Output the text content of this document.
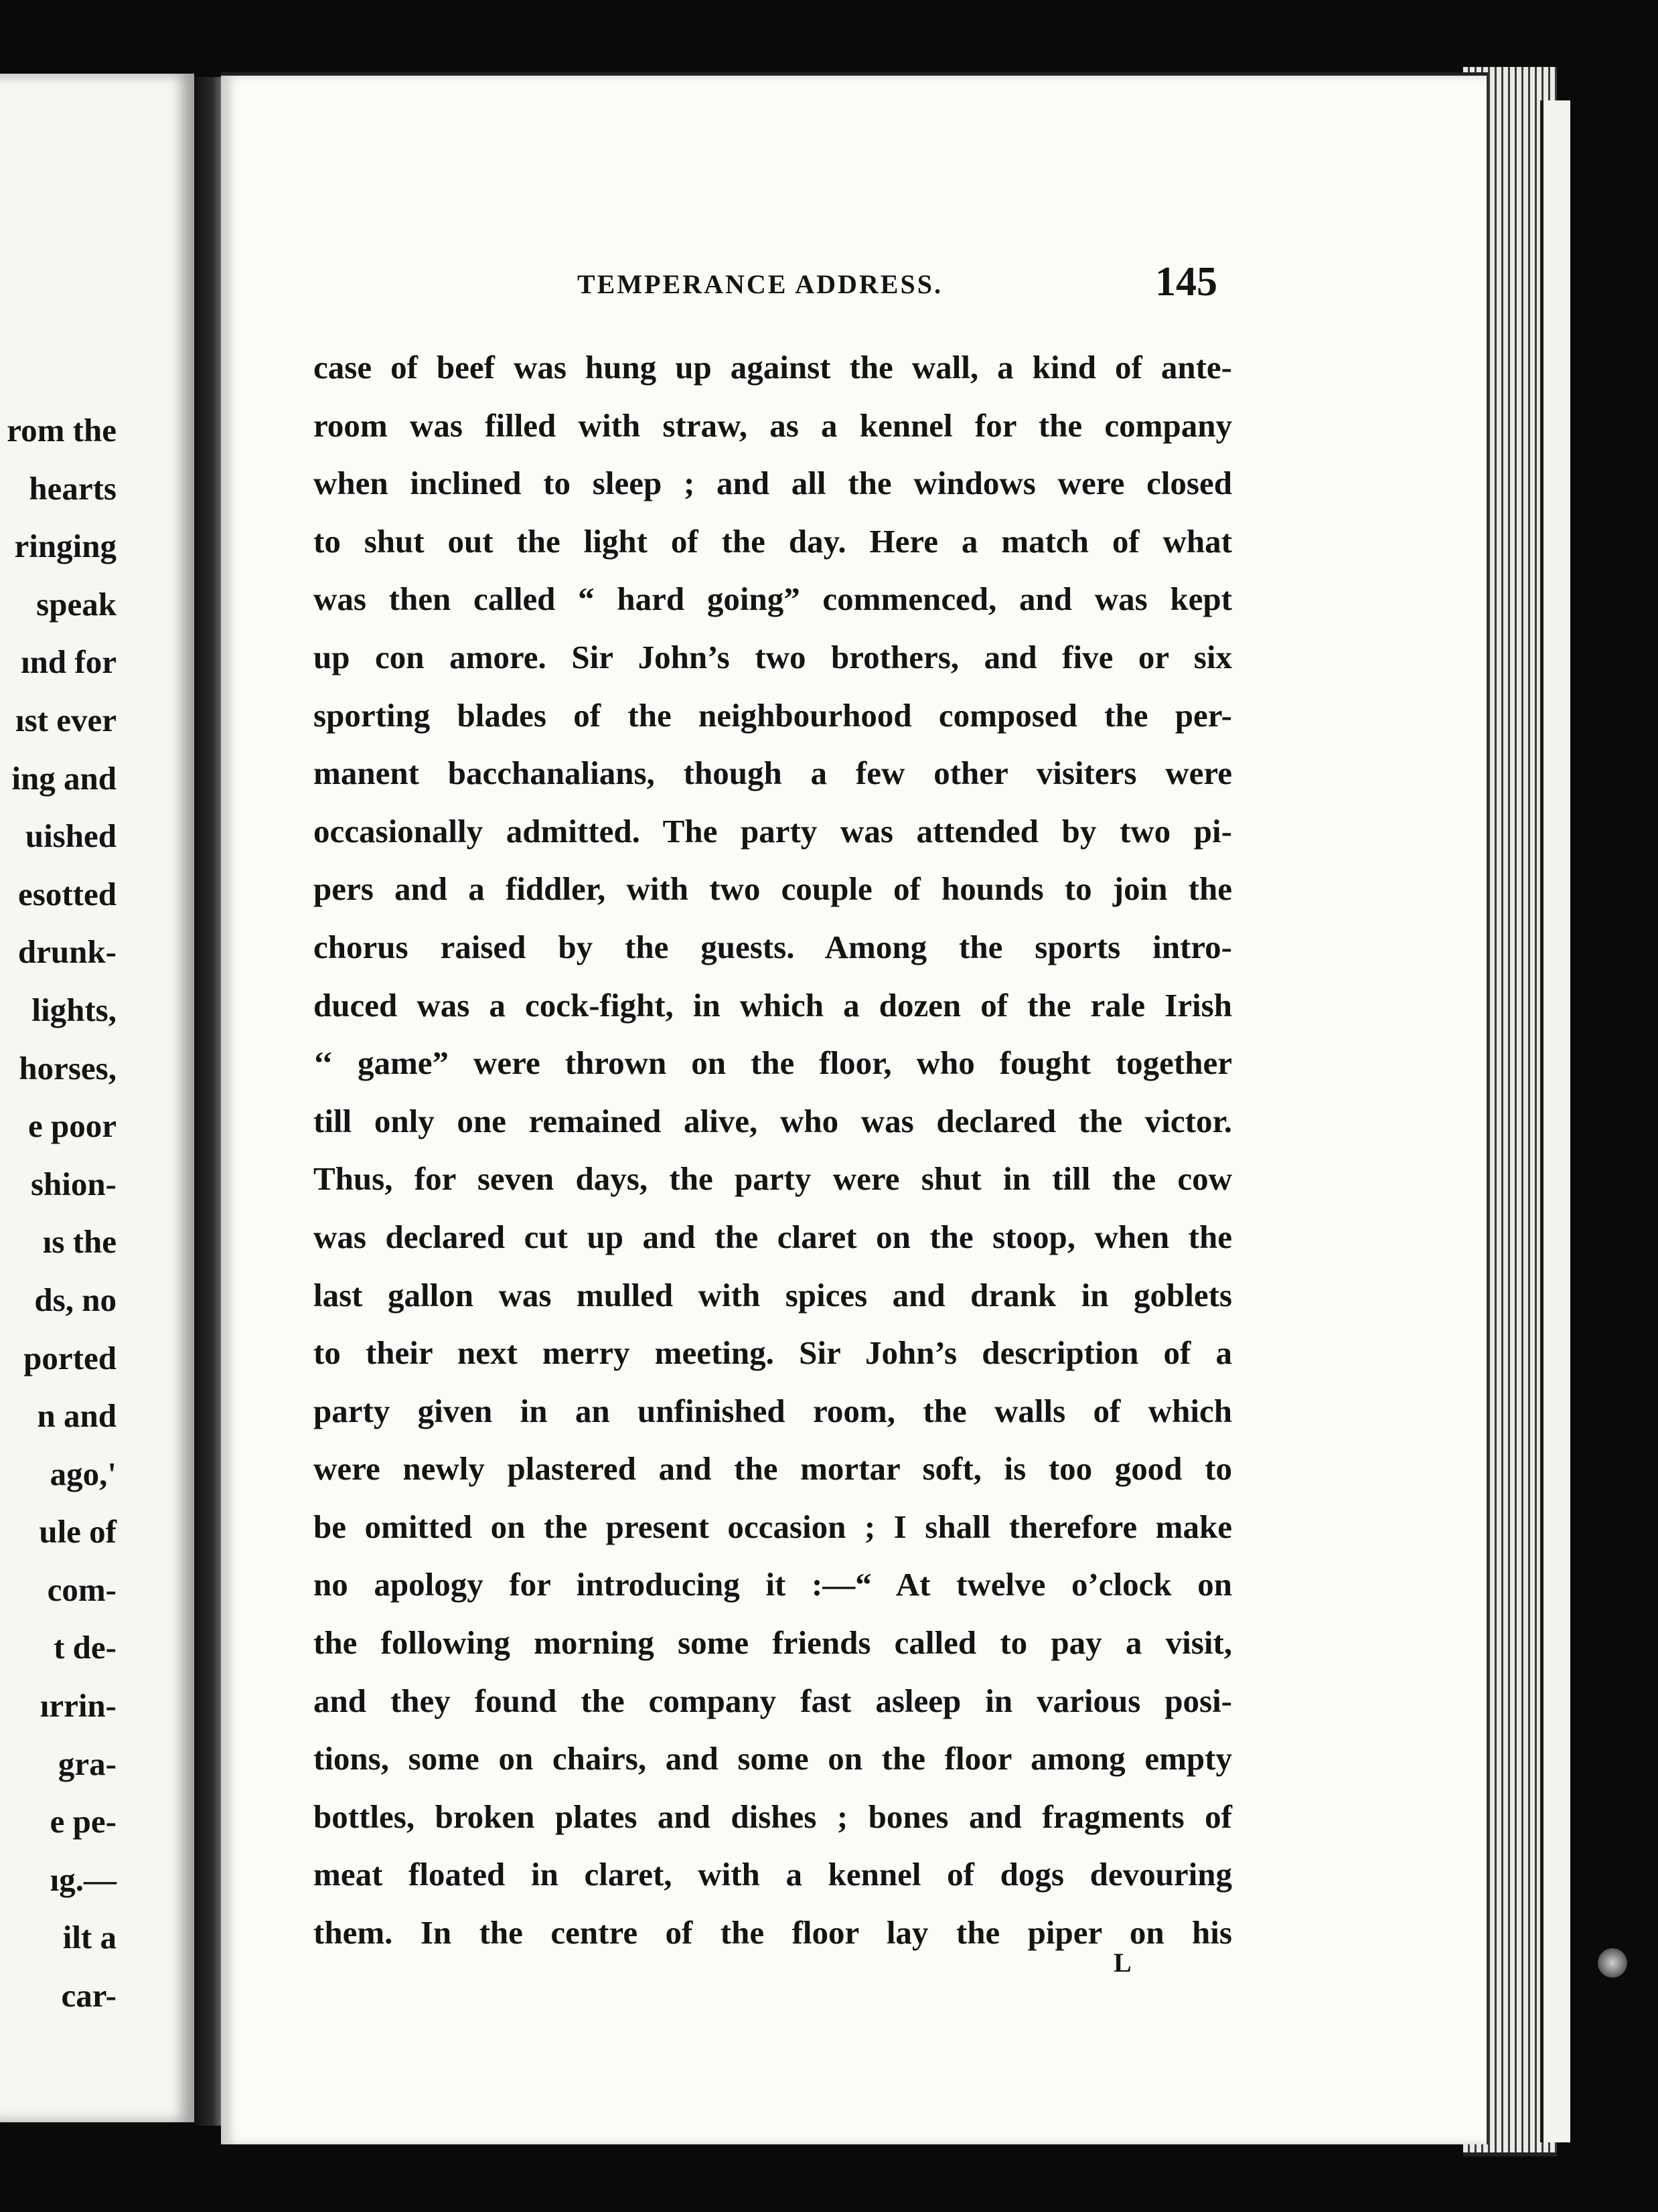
rom the
hearts
ringing
speak
ınd for
ıst ever
ing and
uished
esotted
drunk-
lights,
horses,
e poor
shion-
ıs the
ds, no
ported
n and
ago,'
ule of
com-
t de-
ırrin-
gra-
e pe-
ıg.—
ilt a
car-
TEMPERANCE ADDRESS.	145
case of beef was hung up against the wall, a kind of ante-
room was filled with straw, as a kennel for the company
when inclined to sleep ; and all the windows were closed
to shut out the light of the day. Here a match of what
was then called “ hard going” commenced, and was kept
up con amore. Sir John’s two brothers, and five or six
sporting blades of the neighbourhood composed the per-
manent bacchanalians, though a few other visiters were
occasionally admitted. The party was attended by two pi-
pers and a fiddler, with two couple of hounds to join the
chorus raised by the guests. Among the sports intro-
duced was a cock-fight, in which a dozen of the rale Irish
‘‘ game” were thrown on the floor, who fought together
till only one remained alive, who was declared the victor.
Thus, for seven days, the party were shut in till the cow
was declared cut up and the claret on the stoop, when the
last gallon was mulled with spices and drank in goblets
to their next merry meeting. Sir John’s description of a
party given in an unfinished room, the walls of which
were newly plastered and the mortar soft, is too good to
be omitted on the present occasion ; I shall therefore make
no apology for introducing it :—“ At twelve o’clock on
the following morning some friends called to pay a visit,
and they found the company fast asleep in various posi-
tions, some on chairs, and some on the floor among empty
bottles, broken plates and dishes ; bones and fragments of
meat floated in claret, with a kennel of dogs devouring
them. In the centre of the floor lay the piper on his
L
